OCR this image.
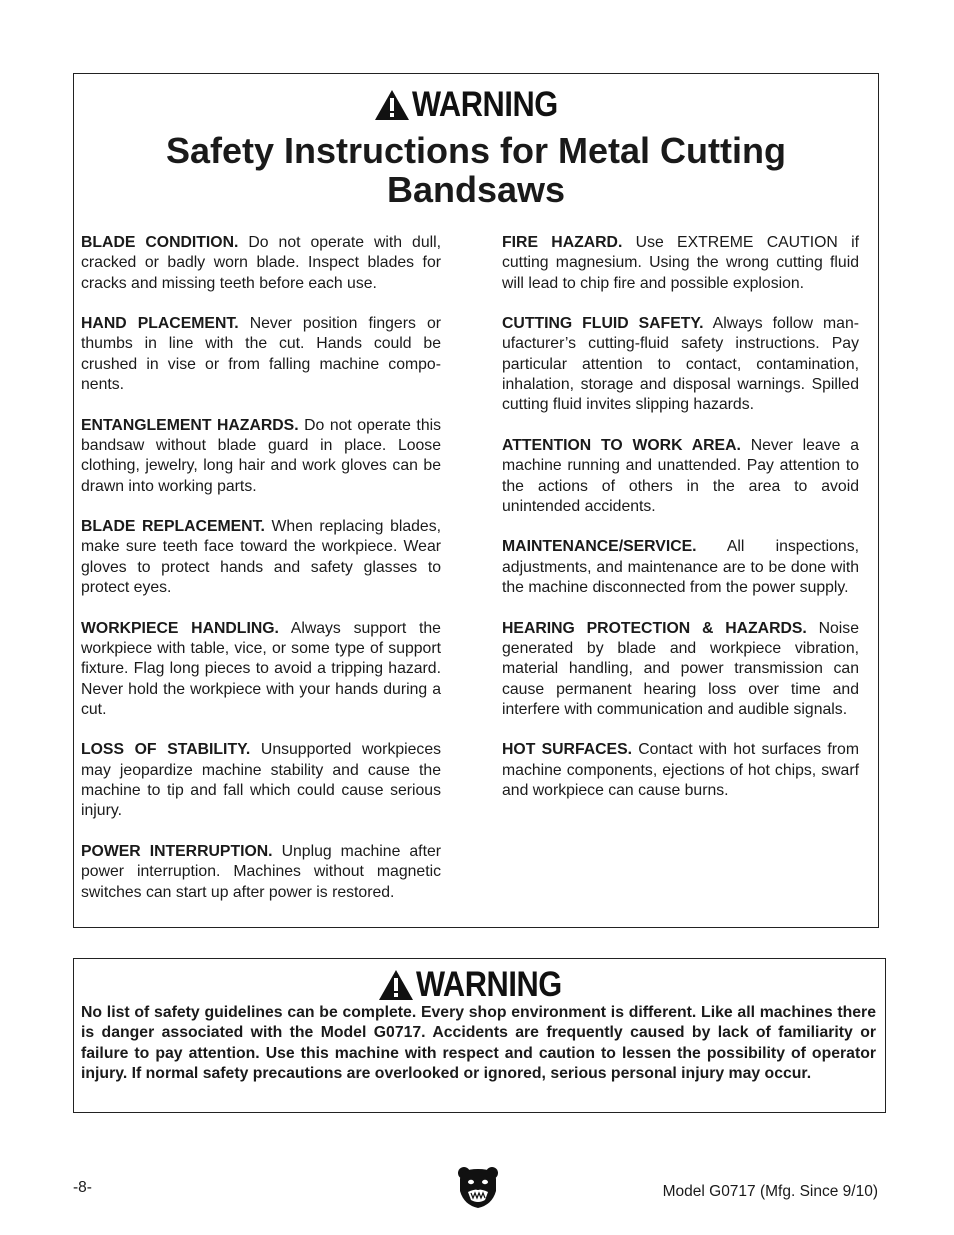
WARNING
Safety Instructions for Metal Cutting
Bandsaws

BLADE CONDITION. Do not operate with dull, cracked or badly worn blade. Inspect blades for cracks and missing teeth before each use.

HAND PLACEMENT. Never position fingers or thumbs in line with the cut. Hands could be crushed in vise or from falling machine components.

ENTANGLEMENT HAZARDS. Do not operate this bandsaw without blade guard in place. Loose clothing, jewelry, long hair and work gloves can be drawn into working parts.

BLADE REPLACEMENT. When replacing blades, make sure teeth face toward the workpiece. Wear gloves to protect hands and safety glasses to protect eyes.

WORKPIECE HANDLING. Always support the workpiece with table, vice, or some type of support fixture. Flag long pieces to avoid a tripping hazard. Never hold the workpiece with your hands during a cut.

LOSS OF STABILITY. Unsupported workpieces may jeopardize machine stability and cause the machine to tip and fall which could cause serious injury.

POWER INTERRUPTION. Unplug machine after power interruption. Machines without magnetic switches can start up after power is restored.

FIRE HAZARD. Use EXTREME CAUTION if cutting magnesium. Using the wrong cutting fluid will lead to chip fire and possible explosion.

CUTTING FLUID SAFETY. Always follow manufacturer’s cutting-fluid safety instructions. Pay particular attention to contact, contamination, inhalation, storage and disposal warnings. Spilled cutting fluid invites slipping hazards.

ATTENTION TO WORK AREA. Never leave a machine running and unattended. Pay attention to the actions of others in the area to avoid unintended accidents.

MAINTENANCE/SERVICE. All inspections, adjustments, and maintenance are to be done with the machine disconnected from the power supply.

HEARING PROTECTION & HAZARDS. Noise generated by blade and workpiece vibration, material handling, and power transmission can cause permanent hearing loss over time and interfere with communication and audible signals.

HOT SURFACES. Contact with hot surfaces from machine components, ejections of hot chips, swarf and workpiece can cause burns.

WARNING
No list of safety guidelines can be complete. Every shop environment is different. Like all machines there is danger associated with the Model G0717. Accidents are frequently caused by lack of familiarity or failure to pay attention. Use this machine with respect and caution to lessen the possibility of operator injury. If normal safety precautions are overlooked or ignored, serious personal injury may occur.
-8-	Model G0717 (Mfg. Since 9/10)
